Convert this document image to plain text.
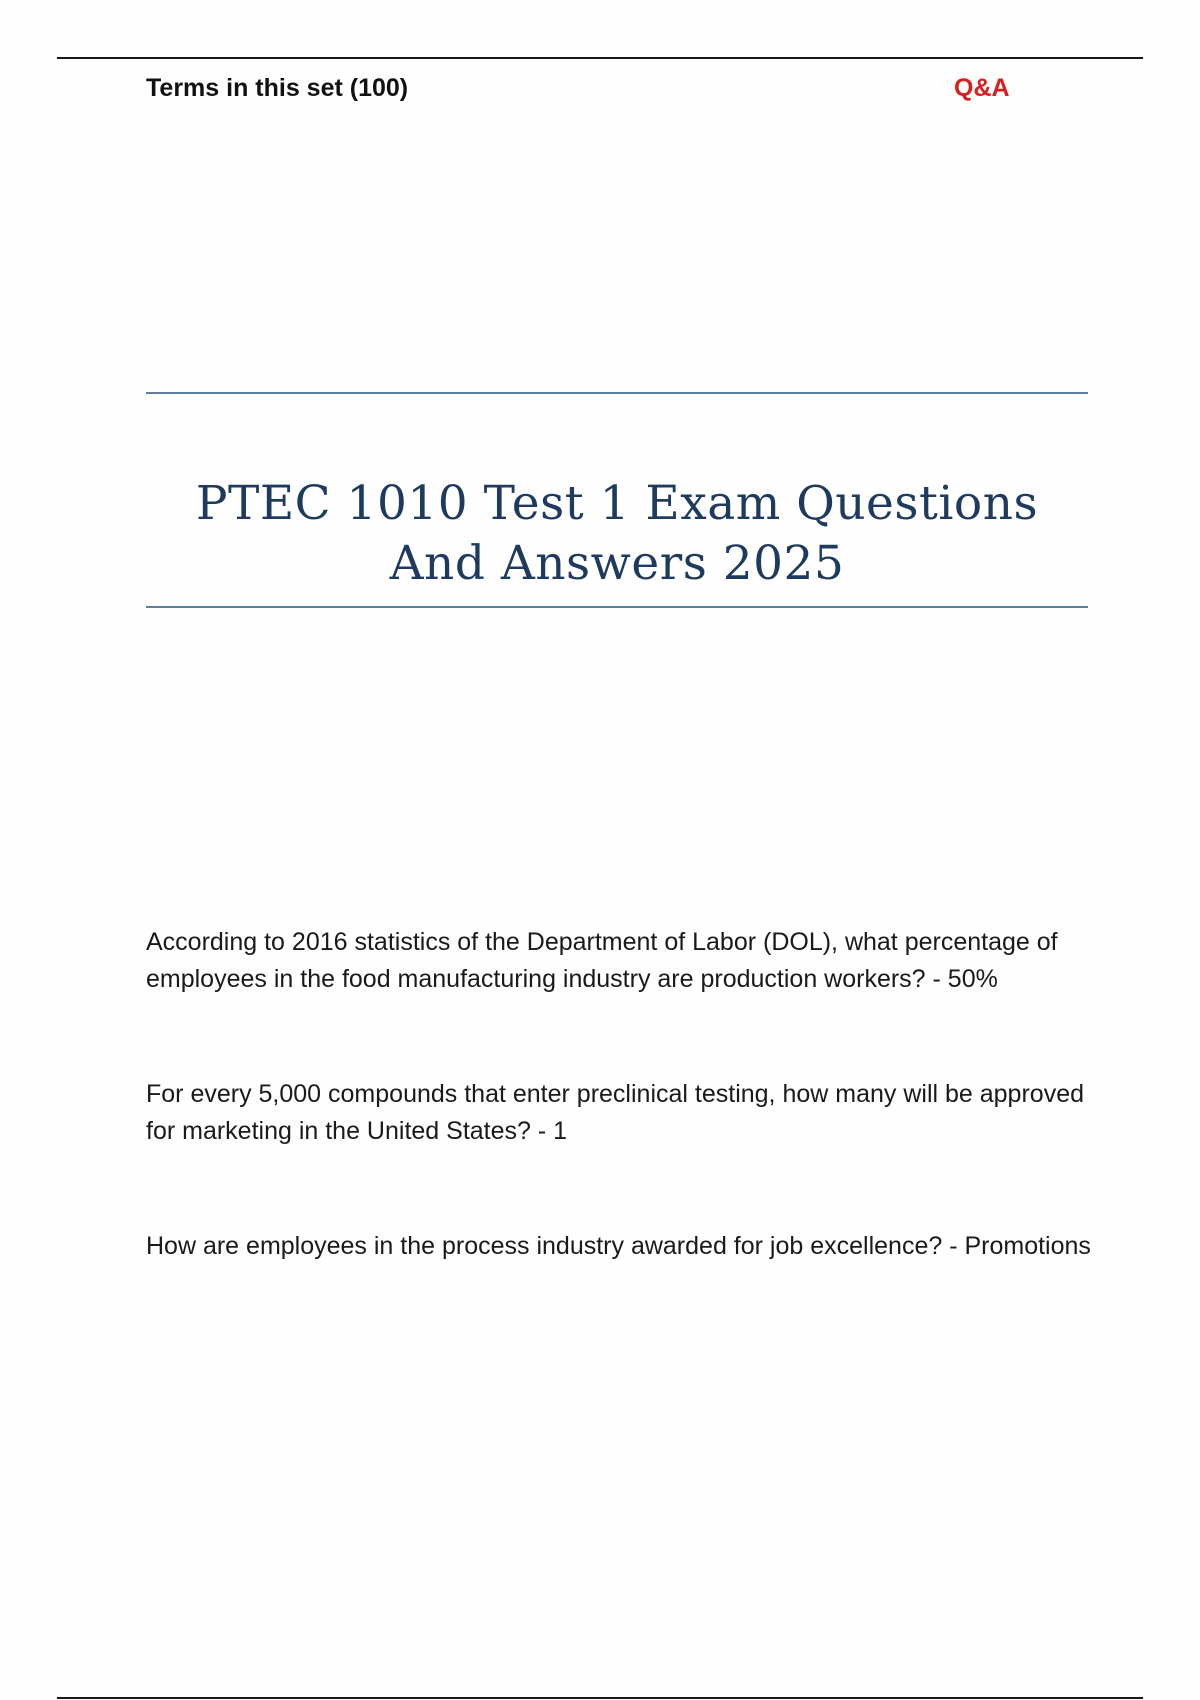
Terms in this set (100)	Q&A
PTEC 1010 Test 1 Exam Questions And Answers 2025

According to 2016 statistics of the Department of Labor (DOL), what percentage of employees in the food manufacturing industry are production workers? - 50%

For every 5,000 compounds that enter preclinical testing, how many will be approved for marketing in the United States? - 1

How are employees in the process industry awarded for job excellence? - Promotions
